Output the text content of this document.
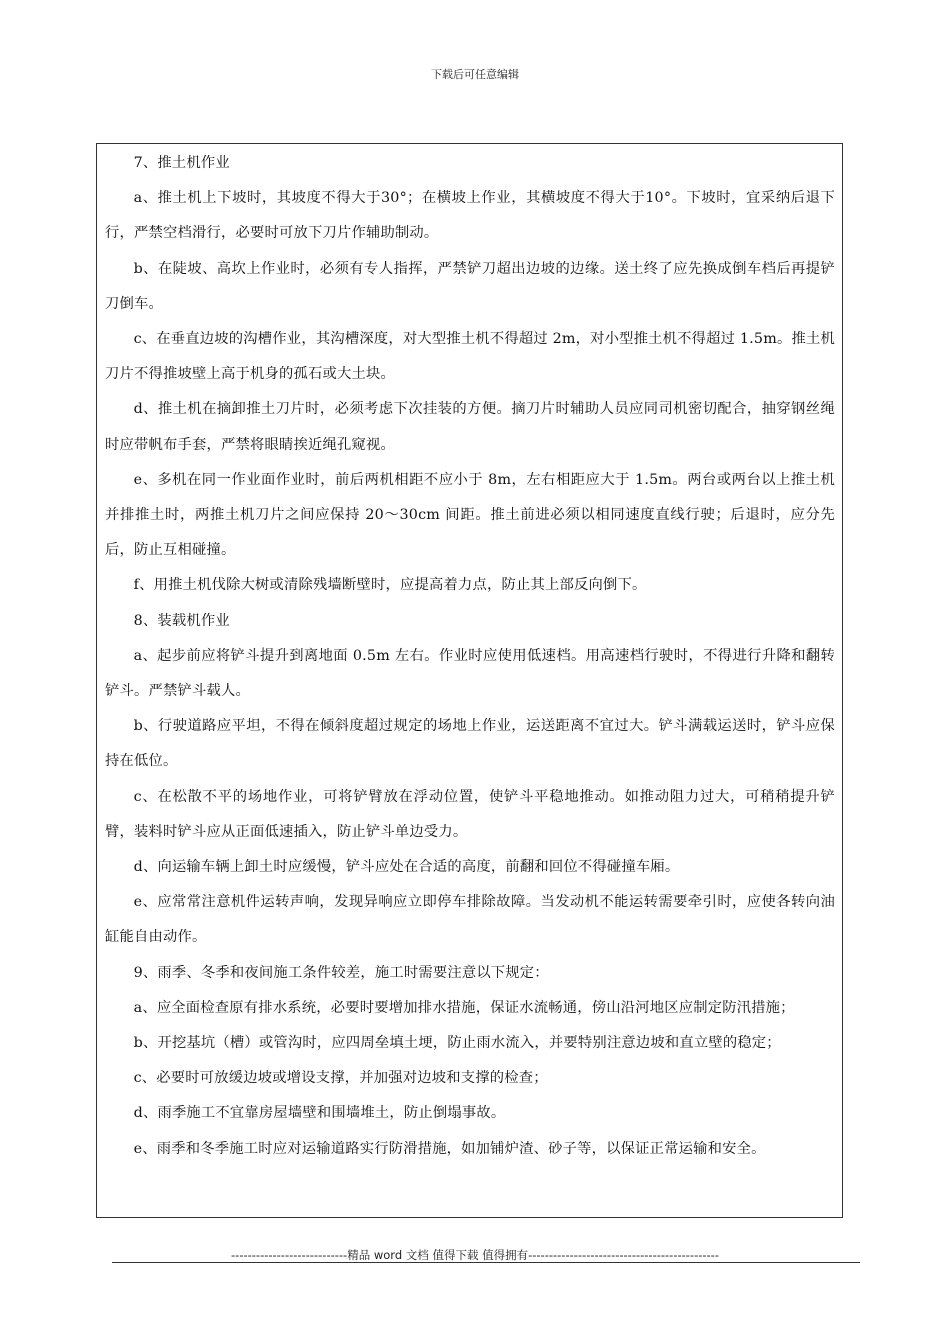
下载后可任意编辑

7、推土机作业

a、推土机上下坡时，其坡度不得大于30°；在横坡上作业，其横坡度不得大于10°。下坡时，宜采纳后退下行，严禁空档滑行，必要时可放下刀片作辅助制动。

b、在陡坡、高坎上作业时，必须有专人指挥，严禁铲刀超出边坡的边缘。送土终了应先换成倒车档后再提铲刀倒车。

c、在垂直边坡的沟槽作业，其沟槽深度，对大型推土机不得超过 2m，对小型推土机不得超过 1.5m。推土机刀片不得推坡壁上高于机身的孤石或大土块。

d、推土机在摘卸推土刀片时，必须考虑下次挂装的方便。摘刀片时辅助人员应同司机密切配合，抽穿钢丝绳时应带帆布手套，严禁将眼睛挨近绳孔窥视。

e、多机在同一作业面作业时，前后两机相距不应小于 8m，左右相距应大于 1.5m。两台或两台以上推土机并排推土时，两推土机刀片之间应保持 20～30cm 间距。推土前进必须以相同速度直线行驶；后退时，应分先后，防止互相碰撞。

f、用推土机伐除大树或清除残墙断壁时，应提高着力点，防止其上部反向倒下。

8、装载机作业

a、起步前应将铲斗提升到离地面 0.5m 左右。作业时应使用低速档。用高速档行驶时，不得进行升降和翻转铲斗。严禁铲斗载人。

b、行驶道路应平坦，不得在倾斜度超过规定的场地上作业，运送距离不宜过大。铲斗满载运送时，铲斗应保持在低位。

c、在松散不平的场地作业，可将铲臂放在浮动位置，使铲斗平稳地推动。如推动阻力过大，可稍稍提升铲臂，装料时铲斗应从正面低速插入，防止铲斗单边受力。

d、向运输车辆上卸土时应缓慢，铲斗应处在合适的高度，前翻和回位不得碰撞车厢。

e、应常常注意机件运转声响，发现异响应立即停车排除故障。当发动机不能运转需要牵引时，应使各转向油缸能自由动作。

9、雨季、冬季和夜间施工条件较差，施工时需要注意以下规定：

a、应全面检查原有排水系统，必要时要增加排水措施，保证水流畅通，傍山沿河地区应制定防汛措施；

b、开挖基坑（槽）或管沟时，应四周垒填土埂，防止雨水流入，并要特别注意边坡和直立壁的稳定；

c、必要时可放缓边坡或增设支撑，并加强对边坡和支撑的检查；

d、雨季施工不宜靠房屋墙壁和围墙堆土，防止倒塌事故。

e、雨季和冬季施工时应对运输道路实行防滑措施，如加铺炉渣、砂子等，以保证正常运输和安全。

----------------------------精品 word 文档 值得下载 值得拥有----------------------------------------------
